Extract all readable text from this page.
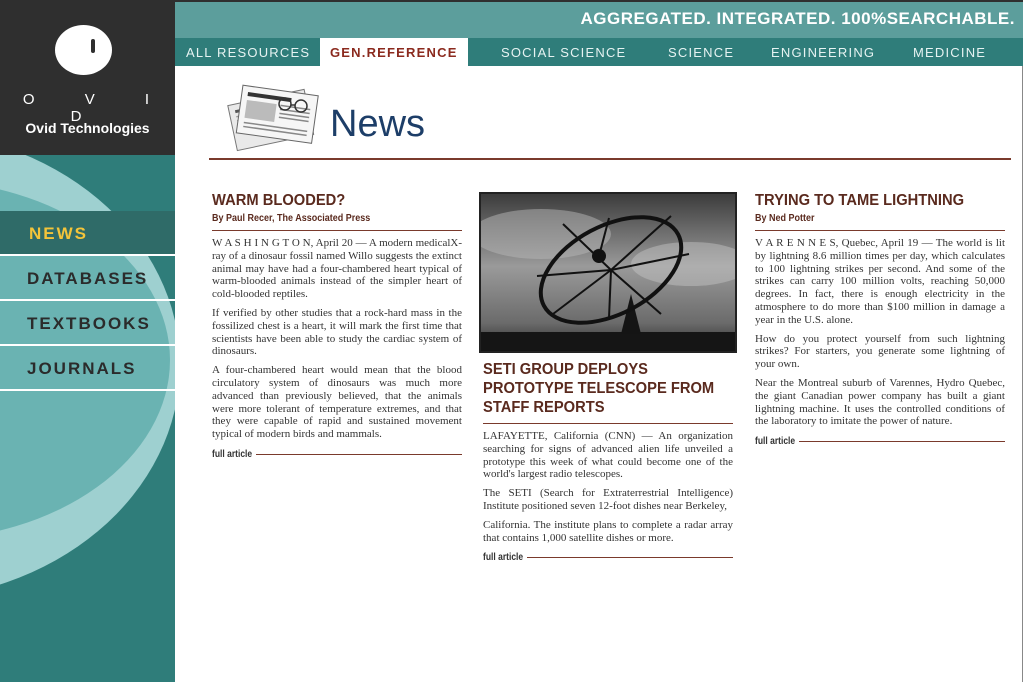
O V I D
Ovid Technologies
NEWS
DATABASES
TEXTBOOKS
JOURNALS
AGGREGATED. INTEGRATED. 100%SEARCHABLE.
ALL RESOURCES	GEN.REFERENCE	SOCIAL SCIENCE	SCIENCE	ENGINEERING	MEDICINE
News
WARM BLOODED?
By Paul Recer, The Associated Press

W A S H I N G T O N, April 20 — A modern medicalX-ray of a dinosaur fossil named Willo suggests the extinct animal may have had a four-chambered heart typical of warm-blooded animals instead of the simpler heart of cold-blooded reptiles.

If verified by other studies that a rock-hard mass in the fossilized chest is a heart, it will mark the first time that scientists have been able to study the cardiac system of dinosaurs.

A four-chambered heart would mean that the blood circulatory system of dinosaurs was much more advanced than previously believed, that the animals were more tolerant of temperature extremes, and that they were capable of rapid and sustained movement typical of modern birds and mammals.

full article
SETI GROUP DEPLOYS PROTOTYPE TELESCOPE FROM STAFF REPORTS

LAFAYETTE, California (CNN) — An organization searching for signs of advanced alien life unveiled a prototype this week of what could become one of the world's largest radio telescopes.

The SETI (Search for Extraterrestrial Intelligence) Institute positioned seven 12-foot dishes near Berkeley,

California. The institute plans to complete a radar array that contains 1,000 satellite dishes or more.

full article
TRYING TO TAME LIGHTNING
By Ned Potter

V A R E N N E S, Quebec, April 19 — The world is lit by lightning 8.6 million times per day, which calculates to 100 lightning strikes per second. And some of the strikes can carry 100 million volts, reaching 50,000 degrees. In fact, there is enough electricity in the atmosphere to do more than $100 million in damage a year in the U.S. alone.

How do you protect yourself from such lightning strikes? For starters, you generate some lightning of your own.

Near the Montreal suburb of Varennes, Hydro Quebec, the giant Canadian power company has built a giant lightning machine. It uses the controlled conditions of the laboratory to imitate the power of nature.

full article
